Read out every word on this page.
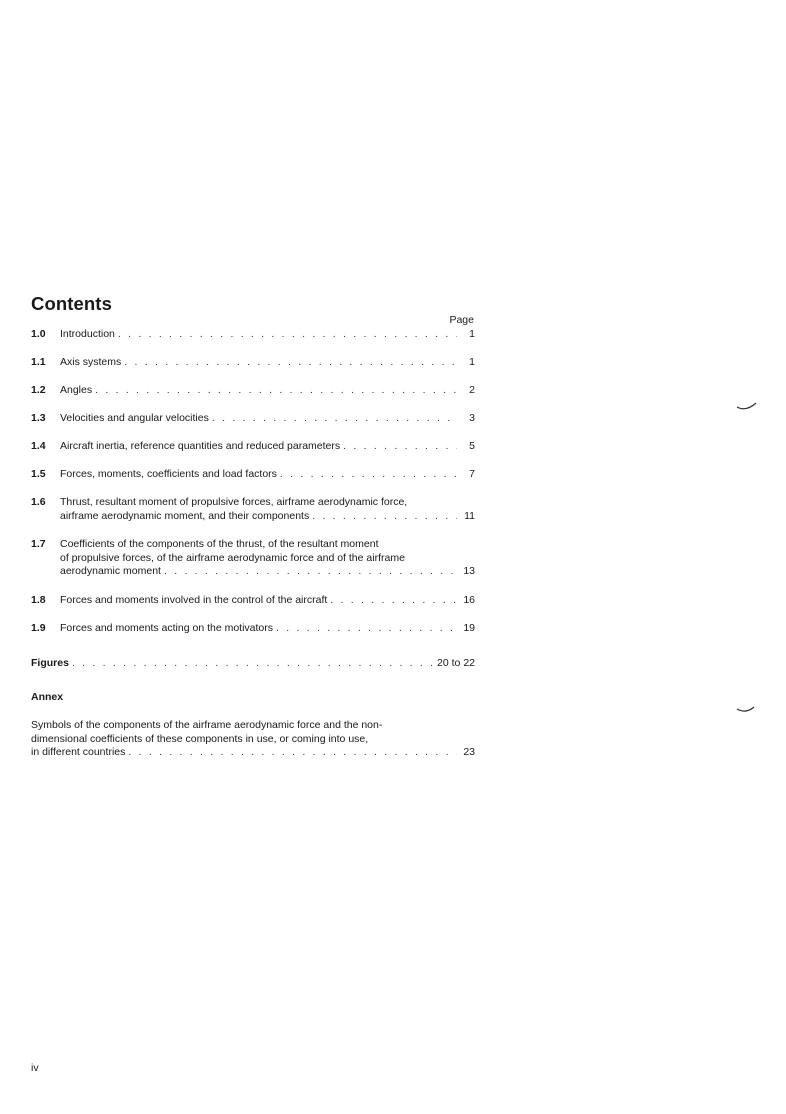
Contents
Page
1.0	Introduction . . .	1
1.1	Axis systems . . .	1
1.2	Angles . . .	2
1.3	Velocities and angular velocities . . .	3
1.4	Aircraft inertia, reference quantities and reduced parameters . . .	5
1.5	Forces, moments, coefficients and load factors . . .	7
1.6	Thrust, resultant moment of propulsive forces, airframe aerodynamic force,
airframe aerodynamic moment, and their components . . .	11
1.7	Coefficients of the components of the thrust, of the resultant moment
of propulsive forces, of the airframe aerodynamic force and of the airframe
aerodynamic moment . . .	13
1.8	Forces and moments involved in the control of the aircraft . . .	16
1.9	Forces and moments acting on the motivators . . .	19
Figures . . .	20 to 22
Annex
Symbols of the components of the airframe aerodynamic force and the non-
dimensional coefficients of these components in use, or coming into use,
in different countries . . .	23
iv
